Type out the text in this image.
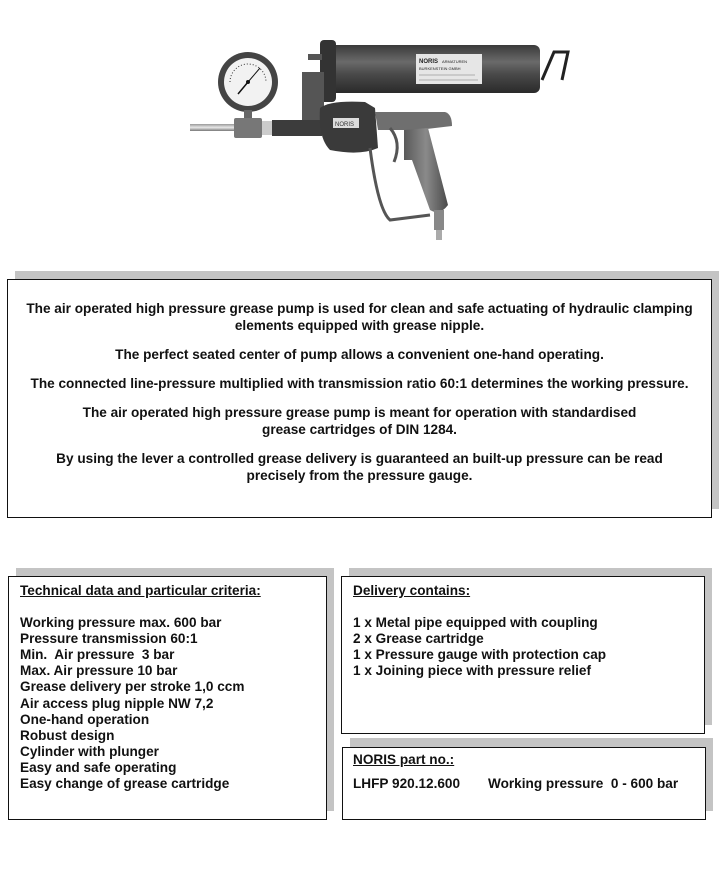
NORIS ARMATUREN
BURKENSTEIN GMBH
NORIS

The air operated high pressure grease pump is used for clean and safe actuating of hydraulic clamping
elements equipped with grease nipple.

The perfect seated center of pump allows a convenient one-hand operating.

The connected line-pressure multiplied with transmission ratio 60:1 determines the working pressure.

The air operated high pressure grease pump is meant for operation with standardised
grease cartridges of DIN 1284.

By using the lever a controlled grease delivery is guaranteed an built-up pressure can be read
precisely from the pressure gauge.

Technical data and particular criteria:
Working pressure max. 600 bar
Pressure transmission 60:1
Min.  Air pressure  3 bar
Max. Air pressure 10 bar
Grease delivery per stroke 1,0 ccm
Air access plug nipple NW 7,2
One-hand operation
Robust design
Cylinder with plunger
Easy and safe operating
Easy change of grease cartridge
Delivery contains:
1 x Metal pipe equipped with coupling
2 x Grease cartridge
1 x Pressure gauge with protection cap
1 x Joining piece with pressure relief
NORIS part no.:
LHFP 920.12.600 Working pressure  0 - 600 bar
